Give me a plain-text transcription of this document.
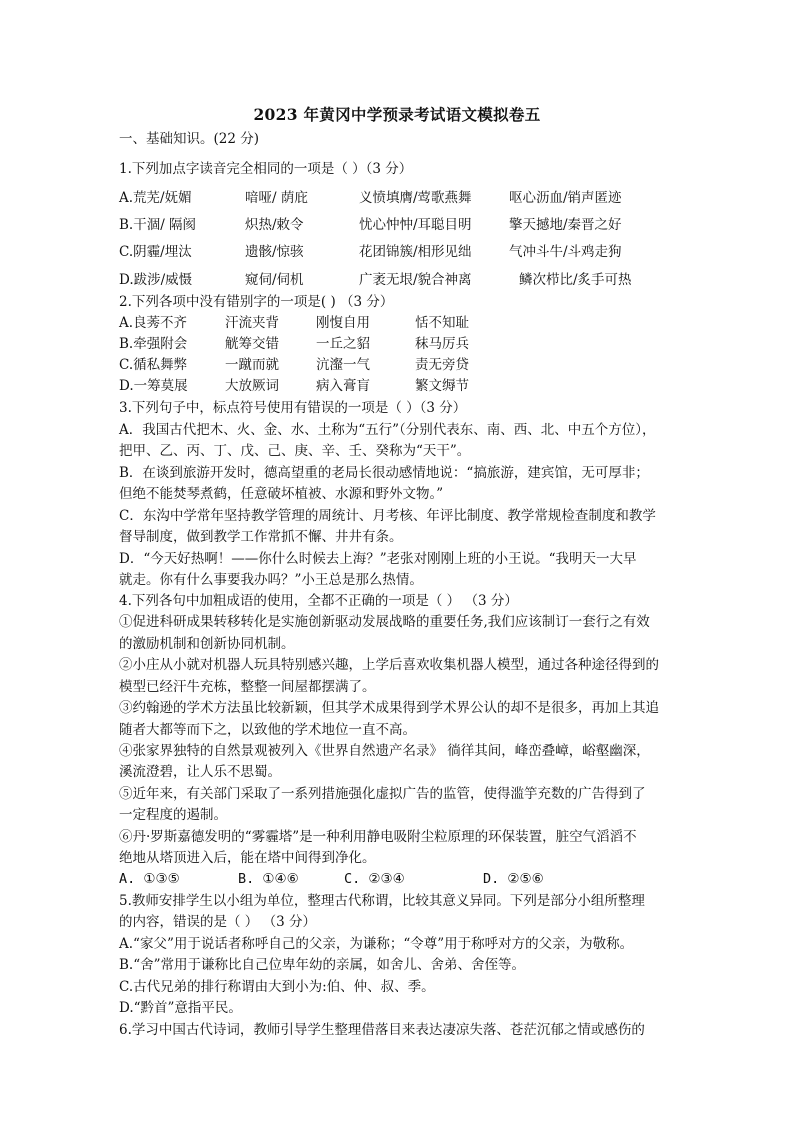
2023 年黄冈中学预录考试语文模拟卷五
一、基础知识。(22 分)
1.下列加点字读音完全相同的一项是（ ）（3 分）
A.荒芜/妩媚	喑哑/ 荫庇	义愤填膺/莺歌燕舞	呕心沥血/销声匿迹
B.干涸/ 隔阂	炽热/敕令	忧心忡忡/耳聪目明	擎天撼地/秦晋之好
C.阴霾/埋汰	遗骸/惊骇	花团锦簇/相形见绌	气冲斗牛/斗鸡走狗
D.跋涉/威慑	窥伺/伺机	广袤无垠/貌合神离	鳞次栉比/炙手可热
2.下列各项中没有错别字的一项是( ) （3 分）
A.良莠不齐	汗流夹背	刚愎自用	恬不知耻
B.牵强附会	觥筹交错	一丘之貂	秣马厉兵
C.循私舞弊	一蹴而就	沆瀣一气	责无旁贷
D.一筹莫展	大放厥词	病入膏肓	繁文缛节
3.下列句子中，标点符号使用有错误的一项是（ ）（3 分）
A．我国古代把木、火、金、水、土称为“五行”（分别代表东、南、西、北、中五个方位），
把甲、乙、丙、丁、戊、己、庚、辛、壬、癸称为“天干”。
B．在谈到旅游开发时，德高望重的老局长很动感情地说：“搞旅游，建宾馆，无可厚非；
但绝不能焚琴煮鹤，任意破坏植被、水源和野外文物。”
C．东沟中学常年坚持教学管理的周统计、月考核、年评比制度、教学常规检查制度和教学
督导制度，做到教学工作常抓不懈、井井有条。
D．“今天好热啊！——你什么时候去上海？”老张对刚刚上班的小王说。“我明天一大早
就走。你有什么事要我办吗？”小王总是那么热情。
4.下列各句中加粗成语的使用，全都不正确的一项是（ ） （3 分）
①促进科研成果转移转化是实施创新驱动发展战略的重要任务,我们应该制订一套行之有效
的激励机制和创新协同机制。
②小庄从小就对机器人玩具特别感兴趣，上学后喜欢收集机器人模型，通过各种途径得到的
模型已经汗牛充栋，整整一间屋都摆满了。
③约翰逊的学术方法虽比较新颖，但其学术成果得到学术界公认的却不是很多，再加上其追
随者大都等而下之，以致他的学术地位一直不高。
④张家界独特的自然景观被列入《世界自然遗产名录》 徜徉其间，峰峦叠嶂，峪壑幽深，
溪流澄碧，让人乐不思蜀。
⑤近年来，有关部门采取了一系列措施强化虚拟广告的监管，使得滥竽充数的广告得到了
一定程度的遏制。
⑥丹·罗斯嘉德发明的“雾霾塔”是一种利用静电吸附尘粒原理的环保装置，脏空气滔滔不
绝地从塔顶进入后，能在塔中间得到净化。
A. ①③⑤	B. ①④⑥	C. ②③④	D. ②⑤⑥
5.教师安排学生以小组为单位，整理古代称谓，比较其意义异同。下列是部分小组所整理
的内容，错误的是（ ） （3 分）
A.“家父”用于说话者称呼自己的父亲，为谦称；“令尊”用于称呼对方的父亲，为敬称。
B.“舍”常用于谦称比自己位卑年幼的亲属，如舍儿、舍弟、舍侄等。
C.古代兄弟的排行称谓由大到小为:伯、仲、叔、季。
D.“黔首”意指平民。
6.学习中国古代诗词，教师引导学生整理借落目来表达凄凉失落、苍茫沉郁之情或感伤的
